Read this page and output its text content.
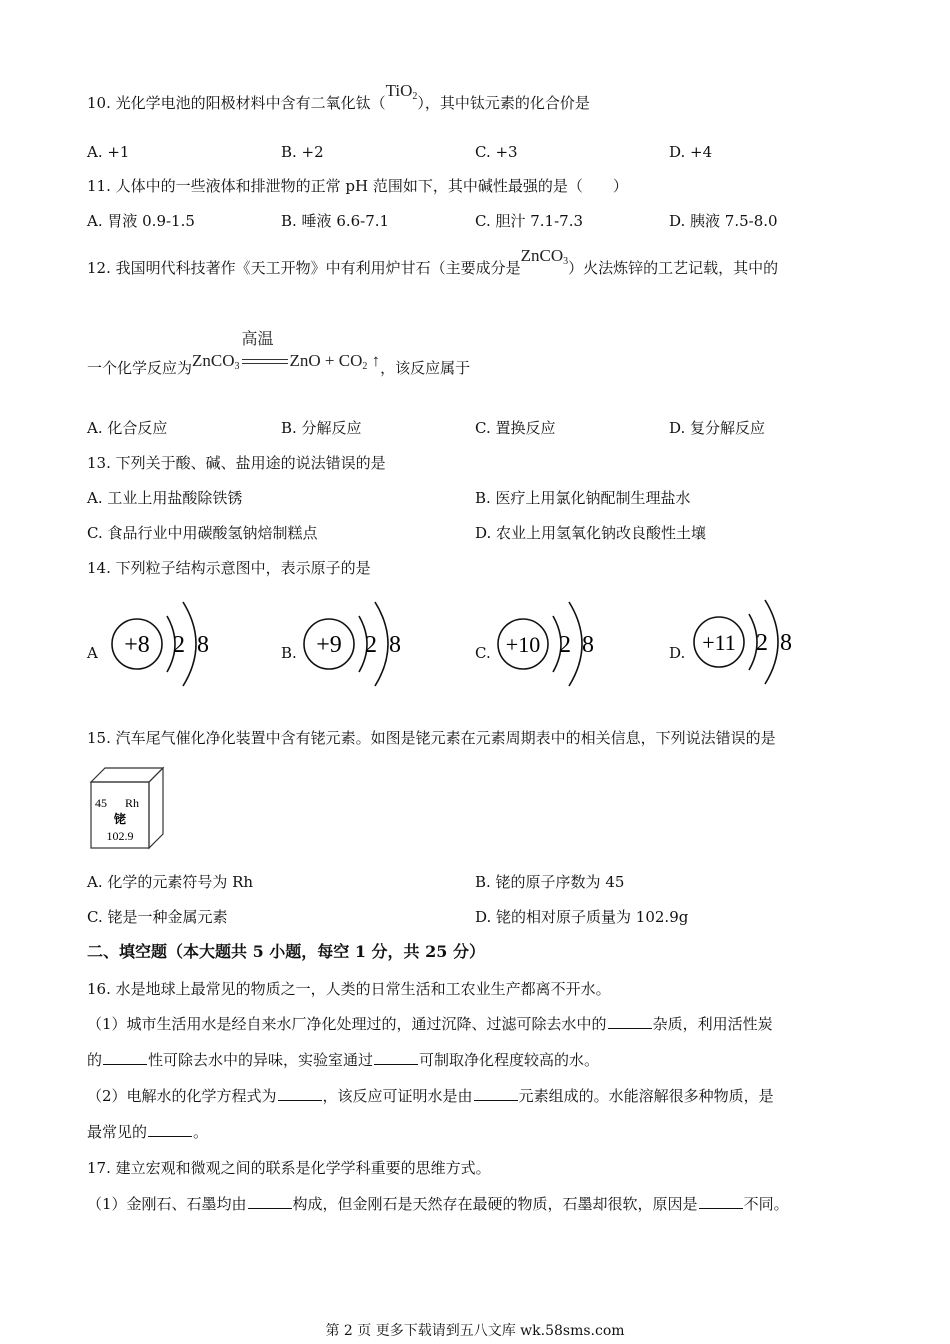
10. 光化学电池的阳极材料中含有二氧化钛（TiO$_2$），其中钛元素的化合价是
A. +1	B. +2	C. +3	D. +4
11. 人体中的一些液体和排泄物的正常 pH 范围如下，其中碱性最强的是（　　）
A. 胃液 0.9-1.5	B. 唾液 6.6-7.1	C. 胆汁 7.1-7.3	D. 胰液 7.5-8.0
12. 我国明代科技著作《天工开物》中有利用炉甘石（主要成分是ZnCO$_3$）火法炼锌的工艺记载，其中的
一个化学反应为ZnCO$_3$
高温
ZnO + $CO_2$ ↑，该反应属于
A. 化合反应	B. 分解反应	C. 置换反应	D. 复分解反应
13. 下列关于酸、碱、盐用途的说法错误的是
A. 工业上用盐酸除铁锈	B. 医疗上用氯化钠配制生理盐水
C. 食品行业中用碳酸氢钠焙制糕点	D. 农业上用氢氧化钠改良酸性土壤
14. 下列粒子结构示意图中，表示原子的是
A +8 2 8	B. +9 2 8	C. +10 2 8	D. +11 2 8
15. 汽车尾气催化净化装置中含有铑元素。如图是铑元素在元素周期表中的相关信息，下列说法错误的是
45 Rh
铑
102.9
A. 化学的元素符号为 Rh	B. 铑的原子序数为 45
C. 铑是一种金属元素	D. 铑的相对原子质量为 102.9g
二、填空题（本大题共 5 小题，每空 1 分，共 25 分）
16. 水是地球上最常见的物质之一，人类的日常生活和工农业生产都离不开水。
（1）城市生活用水是经自来水厂净化处理过的，通过沉降、过滤可除去水中的	杂质，利用活性炭
的	性可除去水中的异味，实验室通过	可制取净化程度较高的水。
（2）电解水的化学方程式为	，该反应可证明水是由	元素组成的。水能溶解很多种物质，是
最常见的	。
17. 建立宏观和微观之间的联系是化学学科重要的思维方式。
（1）金刚石、石墨均由	构成，但金刚石是天然存在最硬的物质，石墨却很软，原因是	不同。
第 2 页 更多下载请到五八文库 wk.58sms.com
